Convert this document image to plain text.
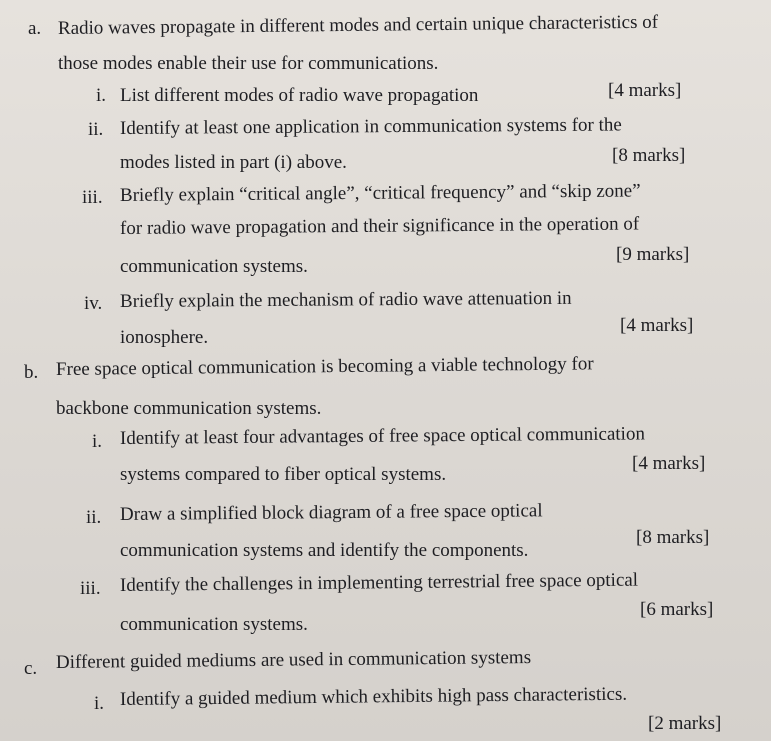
a. Radio waves propagate in different modes and certain unique characteristics of
those modes enable their use for communications.
i. List different modes of radio wave propagation	[4 marks]
ii. Identify at least one application in communication systems for the
modes listed in part (i) above.	[8 marks]
iii. Briefly explain “critical angle”, “critical frequency” and “skip zone”
for radio wave propagation and their significance in the operation of
communication systems.
[9 marks]
iv. Briefly explain the mechanism of radio wave attenuation in
ionosphere.
[4 marks]
b. Free space optical communication is becoming a viable technology for
backbone communication systems.
i. Identify at least four advantages of free space optical communication
systems compared to fiber optical systems.
[4 marks]
ii. Draw a simplified block diagram of a free space optical
communication systems and identify the components.
[8 marks]
iii. Identify the challenges in implementing terrestrial free space optical
communication systems.
[6 marks]
c. Different guided mediums are used in communication systems
i. Identify a guided medium which exhibits high pass characteristics.
[2 marks]
